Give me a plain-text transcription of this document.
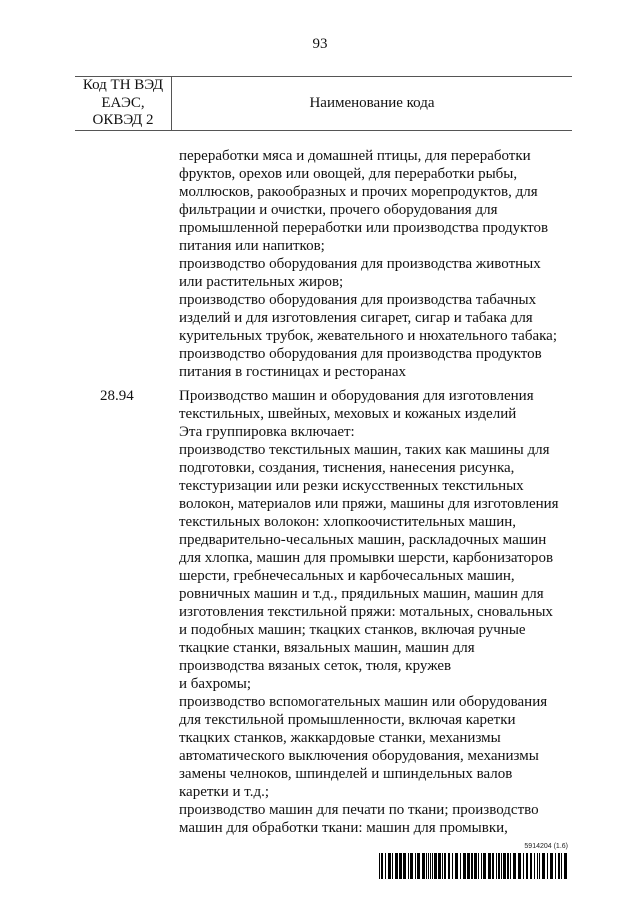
93
Код ТН ВЭД
ЕАЭС,
ОКВЭД 2
Наименование кода
переработки мяса и домашней птицы, для переработки
фруктов, орехов или овощей, для переработки рыбы,
моллюсков, ракообразных и прочих морепродуктов, для
фильтрации и очистки, прочего оборудования для
промышленной переработки или производства продуктов
питания или напитков;
производство оборудования для производства животных
или растительных жиров;
производство оборудования для производства табачных
изделий и для изготовления сигарет, сигар и табака для
курительных трубок, жевательного и нюхательного табака;
производство оборудования для производства продуктов
питания в гостиницах и ресторанах
28.94	Производство машин и оборудования для изготовления
текстильных, швейных, меховых и кожаных изделий
Эта группировка включает:
производство текстильных машин, таких как машины для
подготовки, создания, тиснения, нанесения рисунка,
текстуризации или резки искусственных текстильных
волокон, материалов или пряжи, машины для изготовления
текстильных волокон: хлопкоочистительных машин,
предварительно-чесальных машин, раскладочных машин
для хлопка, машин для промывки шерсти, карбонизаторов
шерсти, гребнечесальных и карбочесальных машин,
ровничных машин и т.д., прядильных машин, машин для
изготовления текстильной пряжи: мотальных, сновальных
и подобных машин; ткацких станков, включая ручные
ткацкие станки, вязальных машин, машин для
производства вязаных сеток, тюля, кружев
и бахромы;
производство вспомогательных машин или оборудования
для текстильной промышленности, включая каретки
ткацких станков, жаккардовые станки, механизмы
автоматического выключения оборудования, механизмы
замены челноков, шпинделей и шпиндельных валов
каретки и т.д.;
производство машин для печати по ткани; производство
машин для обработки ткани: машин для промывки,
5914204 (1.6)
